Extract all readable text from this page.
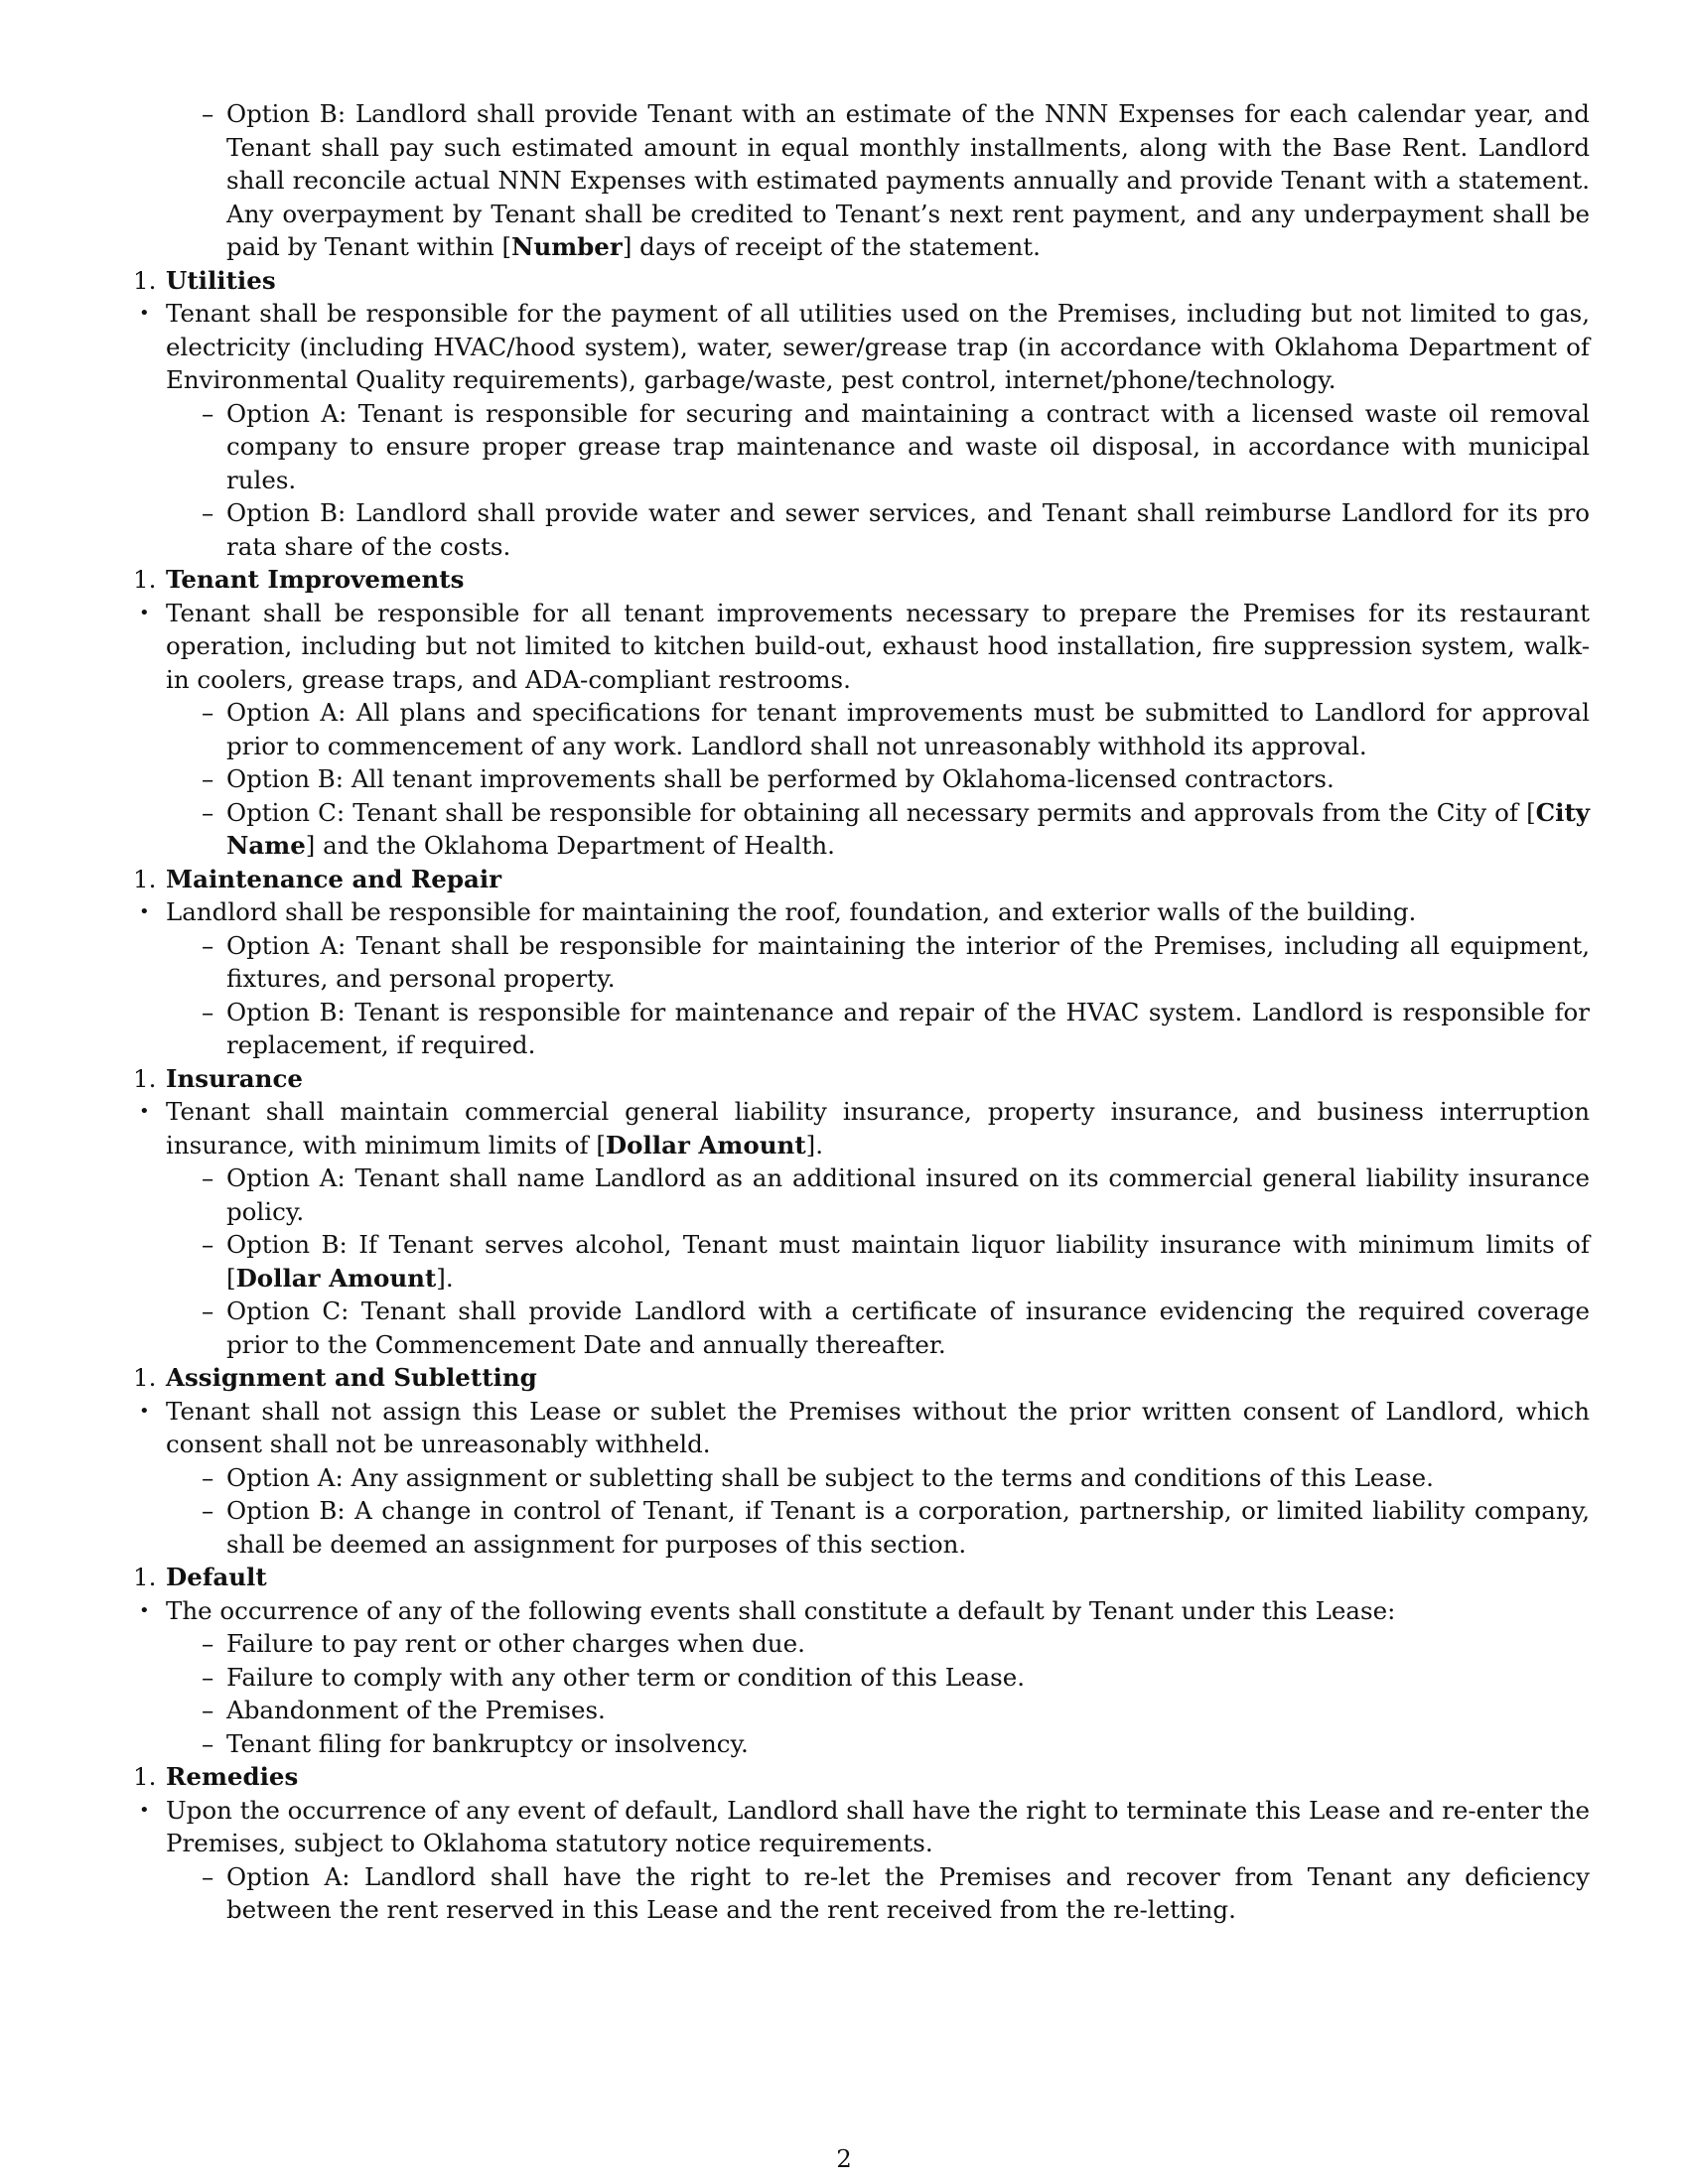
– Option B: Landlord shall provide Tenant with an estimate of the NNN Expenses for each calendar year, and Tenant shall pay such estimated amount in equal monthly installments, along with the Base Rent. Landlord shall reconcile actual NNN Expenses with estimated payments annually and provide Tenant with a statement. Any overpayment by Tenant shall be credited to Tenant’s next rent payment, and any underpayment shall be paid by Tenant within [Number] days of receipt of the statement.

1. Utilities

• Tenant shall be responsible for the payment of all utilities used on the Premises, including but not limited to gas, electricity (including HVAC/hood system), water, sewer/grease trap (in accordance with Oklahoma Department of Environmental Quality requirements), garbage/waste, pest control, internet/phone/technology.

– Option A: Tenant is responsible for securing and maintaining a contract with a licensed waste oil removal company to ensure proper grease trap maintenance and waste oil disposal, in accordance with municipal rules.

– Option B: Landlord shall provide water and sewer services, and Tenant shall reimburse Landlord for its pro rata share of the costs.

1. Tenant Improvements

• Tenant shall be responsible for all tenant improvements necessary to prepare the Premises for its restaurant operation, including but not limited to kitchen build-out, exhaust hood installation, fire suppression system, walk-in coolers, grease traps, and ADA-compliant restrooms.

– Option A: All plans and specifications for tenant improvements must be submitted to Landlord for approval prior to commencement of any work. Landlord shall not unreasonably withhold its approval.

– Option B: All tenant improvements shall be performed by Oklahoma-licensed contractors.

– Option C: Tenant shall be responsible for obtaining all necessary permits and approvals from the City of [City Name] and the Oklahoma Department of Health.

1. Maintenance and Repair

• Landlord shall be responsible for maintaining the roof, foundation, and exterior walls of the building.

– Option A: Tenant shall be responsible for maintaining the interior of the Premises, including all equipment, fixtures, and personal property.

– Option B: Tenant is responsible for maintenance and repair of the HVAC system. Landlord is responsible for replacement, if required.

1. Insurance

• Tenant shall maintain commercial general liability insurance, property insurance, and business interruption insurance, with minimum limits of [Dollar Amount].

– Option A: Tenant shall name Landlord as an additional insured on its commercial general liability insurance policy.

– Option B: If Tenant serves alcohol, Tenant must maintain liquor liability insurance with minimum limits of [Dollar Amount].

– Option C: Tenant shall provide Landlord with a certificate of insurance evidencing the required coverage prior to the Commencement Date and annually thereafter.

1. Assignment and Subletting

• Tenant shall not assign this Lease or sublet the Premises without the prior written consent of Landlord, which consent shall not be unreasonably withheld.

– Option A: Any assignment or subletting shall be subject to the terms and conditions of this Lease.

– Option B: A change in control of Tenant, if Tenant is a corporation, partnership, or limited liability company, shall be deemed an assignment for purposes of this section.

1. Default

• The occurrence of any of the following events shall constitute a default by Tenant under this Lease:

– Failure to pay rent or other charges when due.

– Failure to comply with any other term or condition of this Lease.

– Abandonment of the Premises.

– Tenant filing for bankruptcy or insolvency.

1. Remedies

• Upon the occurrence of any event of default, Landlord shall have the right to terminate this Lease and re-enter the Premises, subject to Oklahoma statutory notice requirements.

– Option A: Landlord shall have the right to re-let the Premises and recover from Tenant any deficiency between the rent reserved in this Lease and the rent received from the re-letting.

2
